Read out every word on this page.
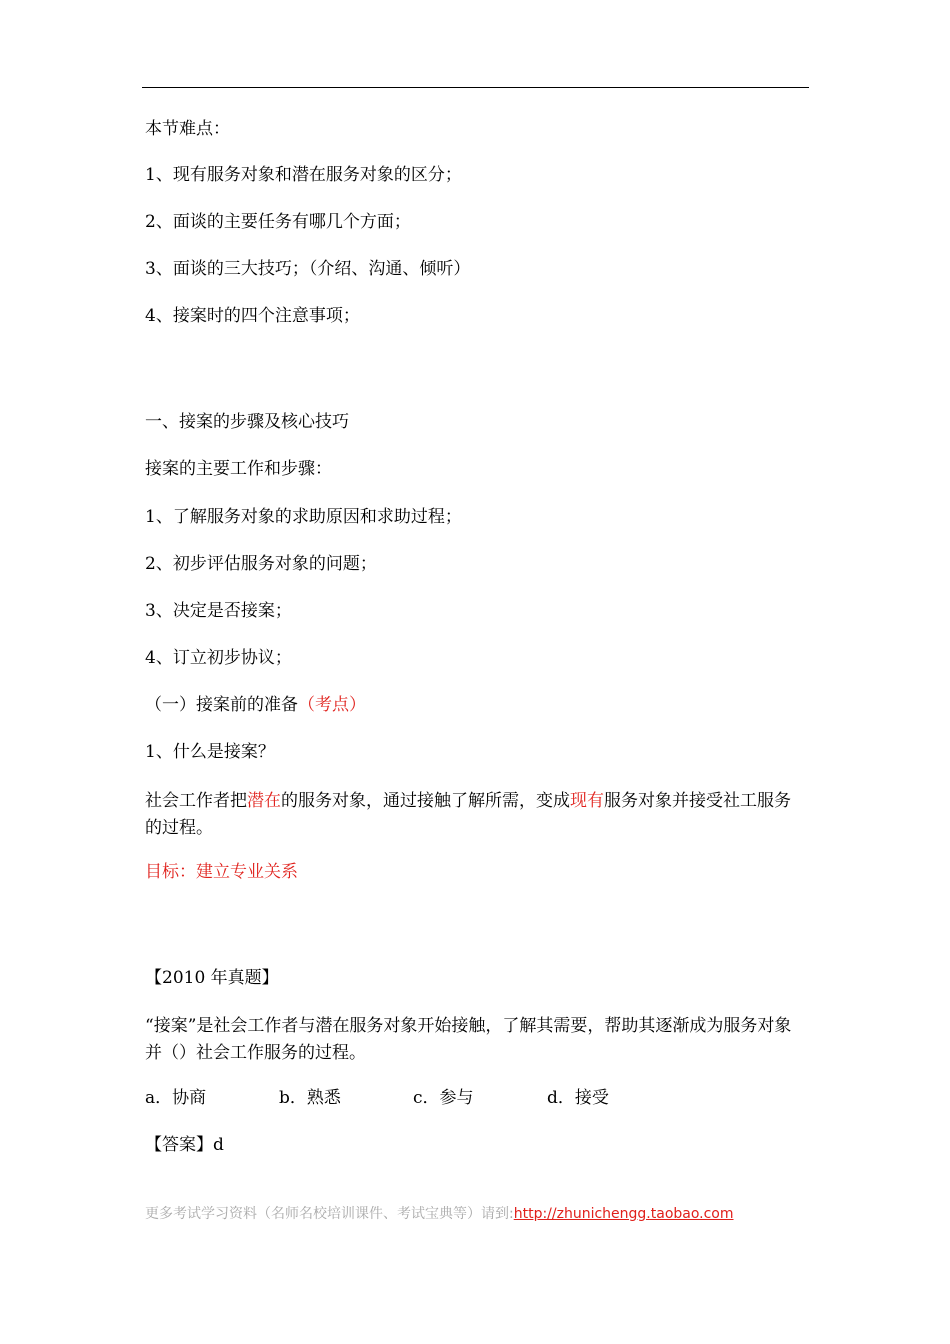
本节难点：
1、现有服务对象和潜在服务对象的区分；
2、面谈的主要任务有哪几个方面；
3、面谈的三大技巧；（介绍、沟通、倾听）
4、接案时的四个注意事项；
一、接案的步骤及核心技巧
接案的主要工作和步骤：
1、了解服务对象的求助原因和求助过程；
2、初步评估服务对象的问题；
3、决定是否接案；
4、订立初步协议；
（一）接案前的准备（考点）
1、什么是接案？
社会工作者把潜在的服务对象，通过接触了解所需，变成现有服务对象并接受社工服务的过程。
目标：建立专业关系
【2010 年真题】
“接案”是社会工作者与潜在服务对象开始接触，了解其需要，帮助其逐渐成为服务对象并（）社会工作服务的过程。
a．协商	b．熟悉	c．参与	d．接受
【答案】d
更多考试学习资料（名师名校培训课件、考试宝典等）请到:http://zhunichengg.taobao.com
